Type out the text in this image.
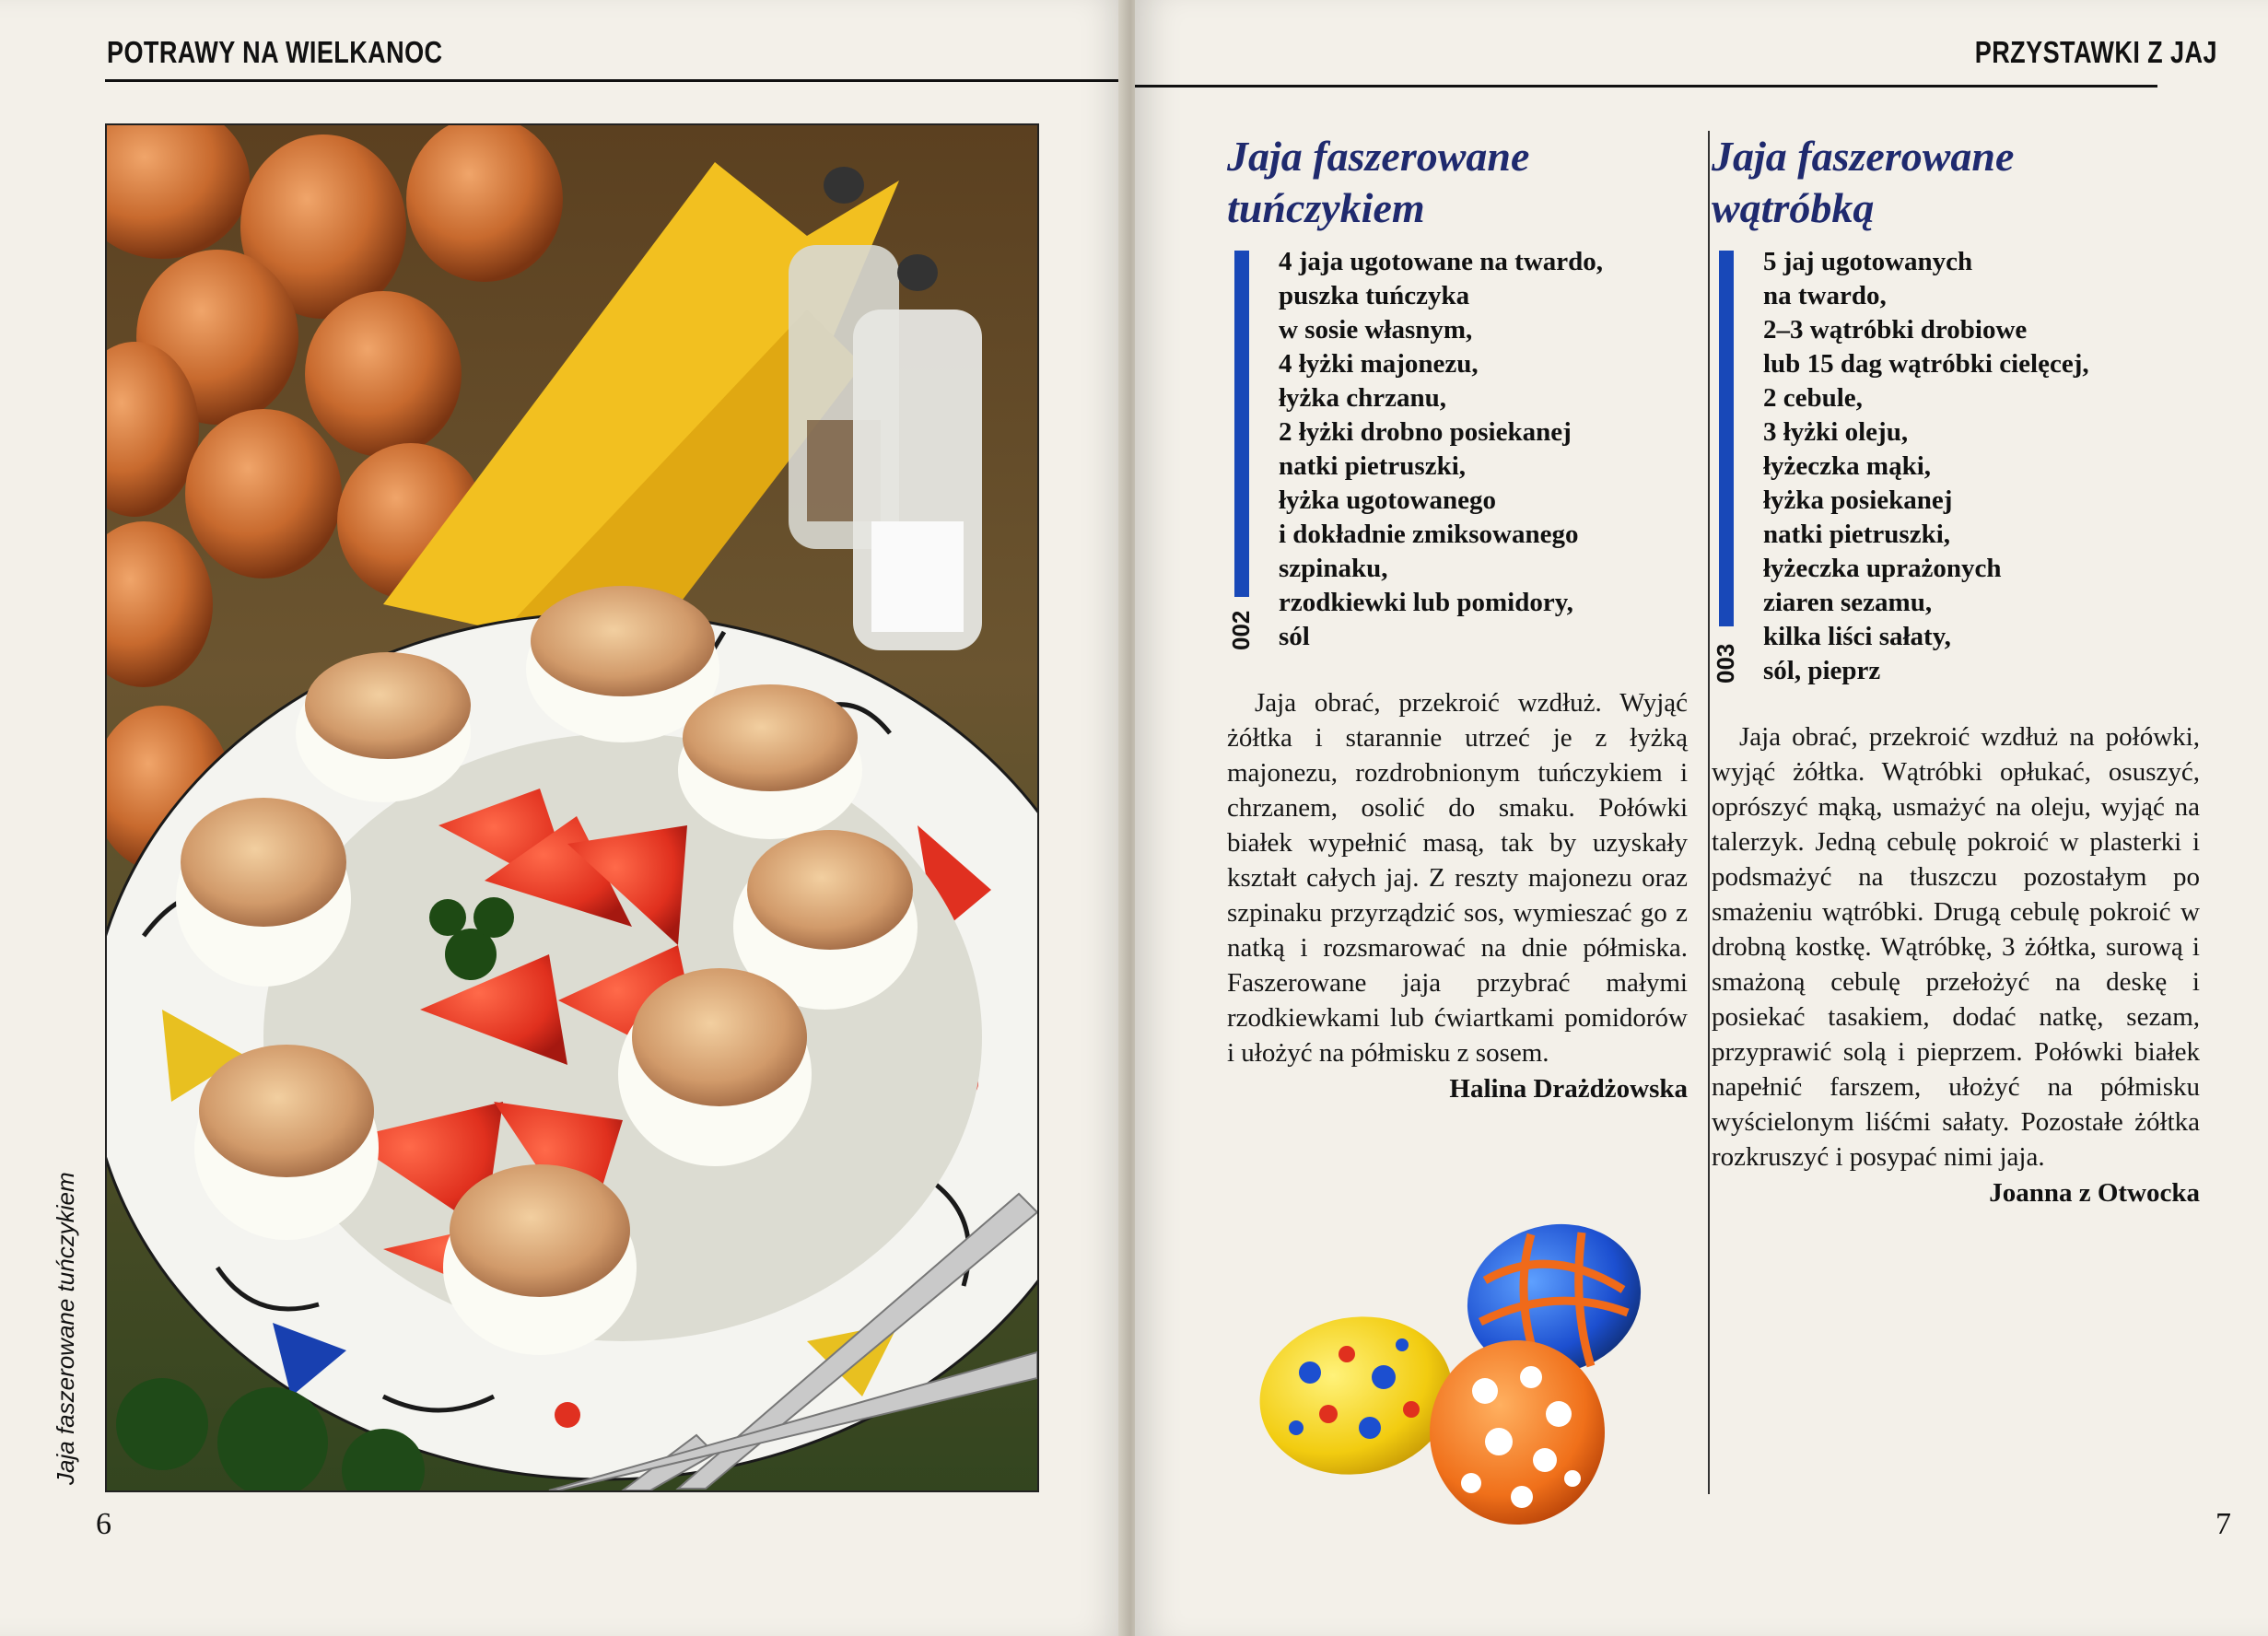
POTRAWY NA WIELKANOC
Jaja faszerowane tuńczykiem
6
PRZYSTAWKI Z JAJ
Jaja faszerowane
tuńczykiem
002
4 jaja ugotowane na twardo,
puszka tuńczyka
w sosie własnym,
4 łyżki majonezu,
łyżka chrzanu,
2 łyżki drobno posiekanej
natki pietruszki,
łyżka ugotowanego
i dokładnie zmiksowanego
szpinaku,
rzodkiewki lub pomidory,
sól

Jaja obrać, przekroić wzdłuż. Wyjąć żółtka i starannie utrzeć je z łyżką majonezu, rozdrobnionym tuńczykiem i chrzanem, osolić do smaku. Połówki białek wypełnić masą, tak by uzyskały kształt całych jaj. Z reszty majonezu oraz szpinaku przyrządzić sos, wymieszać go z natką i rozsmarować na dnie półmiska. Faszerowane jaja przybrać małymi rzodkiewkami lub ćwiartkami pomidorów i ułożyć na półmisku z sosem.

Halina Drażdżowska
Jaja faszerowane
wątróbką
003
5 jaj ugotowanych
na twardo,
2–3 wątróbki drobiowe
lub 15 dag wątróbki cielęcej,
2 cebule,
3 łyżki oleju,
łyżeczka mąki,
łyżka posiekanej
natki pietruszki,
łyżeczka uprażonych
ziaren sezamu,
kilka liści sałaty,
sól, pieprz

Jaja obrać, przekroić wzdłuż na połówki, wyjąć żółtka. Wątróbki opłukać, osuszyć, oprószyć mąką, usmażyć na oleju, wyjąć na talerzyk. Jedną cebulę pokroić w plasterki i podsmażyć na tłuszczu pozostałym po smażeniu wątróbki. Drugą cebulę pokroić w drobną kostkę. Wątróbkę, 3 żółtka, surową i smażoną cebulę przełożyć na deskę i posiekać tasakiem, dodać natkę, sezam, przyprawić solą i pieprzem. Połówki białek napełnić farszem, ułożyć na półmisku wyścielonym liśćmi sałaty. Pozostałe żółtka rozkruszyć i posypać nimi jaja.

Joanna z Otwocka
7
